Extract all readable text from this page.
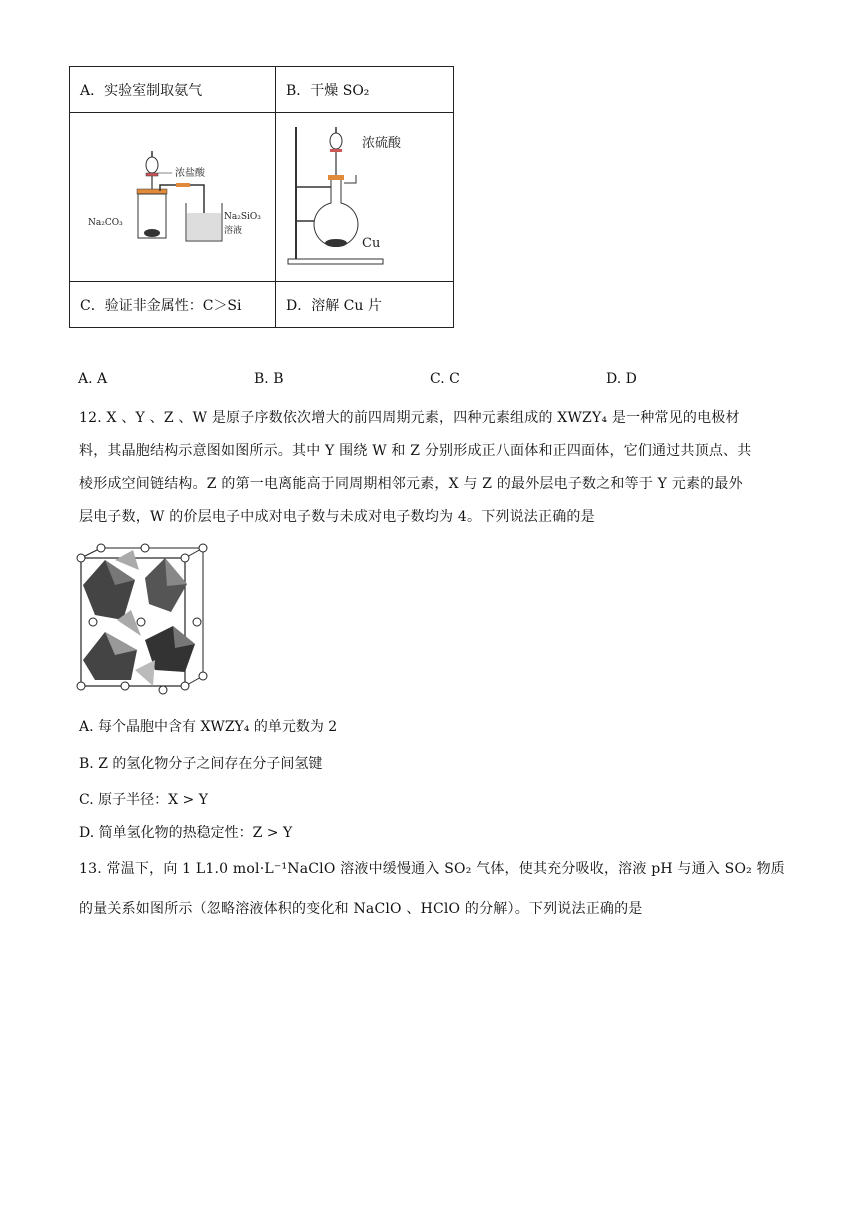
A．实验室制取氨气	B．干燥 SO₂

浓盐酸
Na₂CO₃
Na₂SiO₃
溶液	浓硫酸
Cu

C．验证非金属性：C＞Si	D．溶解 Cu 片
A. A	B. B	C. C	D. D
12. X 、Y 、Z 、W 是原子序数依次增大的前四周期元素，四种元素组成的 XWZY₄ 是一种常见的电极材
料，其晶胞结构示意图如图所示。其中 Y 围绕 W 和 Z 分别形成正八面体和正四面体，它们通过共顶点、共
棱形成空间链结构。Z 的第一电离能高于同周期相邻元素，X 与 Z 的最外层电子数之和等于 Y 元素的最外
层电子数，W 的价层电子中成对电子数与未成对电子数均为 4。下列说法正确的是
A. 每个晶胞中含有 XWZY₄ 的单元数为 2
B. Z 的氢化物分子之间存在分子间氢键
C. 原子半径：X > Y
D. 简单氢化物的热稳定性：Z > Y
13. 常温下，向 1 L1.0 mol·L⁻¹NaClO 溶液中缓慢通入 SO₂ 气体，使其充分吸收，溶液 pH 与通入 SO₂ 物质
的量关系如图所示（忽略溶液体积的变化和 NaClO 、HClO 的分解）。下列说法正确的是
